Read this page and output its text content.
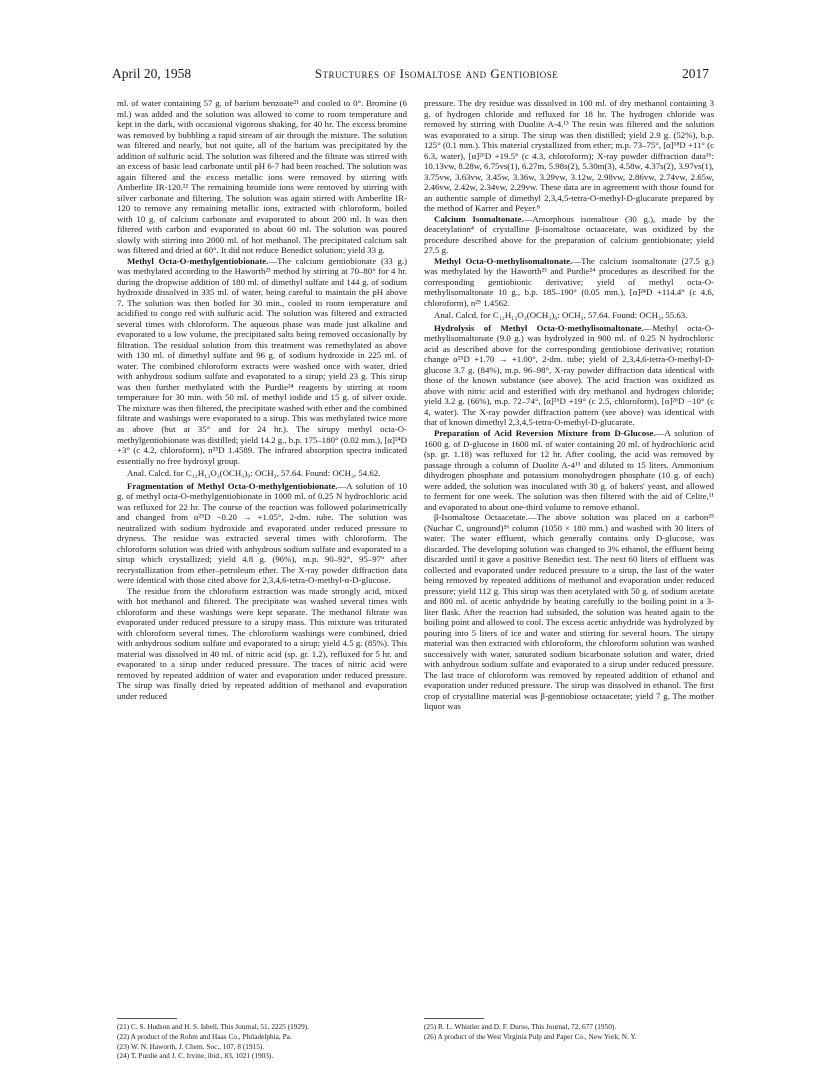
April 20, 1958	Structures of Isomaltose and Gentiobiose	2017

ml. of water containing 57 g. of barium benzoate²¹ and cooled to 0°. Bromine (6 ml.) was added and the solution was allowed to come to room temperature and kept in the dark, with occasional vigorous shaking, for 40 hr. The excess bromine was removed by bubbling a rapid stream of air through the mixture. The solution was filtered and nearly, but not quite, all of the barium was precipitated by the addition of sulfuric acid. The solution was filtered and the filtrate was stirred with an excess of basic lead carbonate until pH 6-7 had been reached. The solution was again filtered and the excess metallic ions were removed by stirring with Amberlite IR-120.²² The remaining bromide ions were removed by stirring with silver carbonate and filtering. The solution was again stirred with Amberlite IR-120 to remove any remaining metallic ions, extracted with chloroform, boiled with 10 g. of calcium carbonate and evaporated to about 200 ml. It was then filtered with carbon and evaporated to about 60 ml. The solution was poured slowly with stirring into 2000 ml. of hot methanol. The precipitated calcium salt was filtered and dried at 60°. It did not reduce Benedict solution; yield 33 g.

Methyl Octa-O-methylgentiobionate.—The calcium gentiobionate (33 g.) was methylated according to the Haworth²³ method by stirring at 70–80° for 4 hr. during the dropwise addition of 180 ml. of dimethyl sulfate and 144 g. of sodium hydroxide dissolved in 335 ml. of water, being careful to maintain the pH above 7. The solution was then boiled for 30 min., cooled to room temperature and acidified to congo red with sulfuric acid. The solution was filtered and extracted several times with chloroform. The aqueous phase was made just alkaline and evaporated to a low volume, the precipitated salts being removed occasionally by filtration. The residual solution from this treatment was remethylated as above with 130 ml. of dimethyl sulfate and 96 g. of sodium hydroxide in 225 ml. of water. The combined chloroform extracts were washed once with water, dried with anhydrous sodium sulfate and evaporated to a sirup; yield 23 g. This sirup was then further methylated with the Purdie²⁴ reagents by stirring at room temperature for 30 min. with 50 ml. of methyl iodide and 15 g. of silver oxide. The mixture was then filtered, the precipitate washed with ether and the combined filtrate and washings were evaporated to a sirup. This was methylated twice more as above (but at 35° and for 24 hr.). The sirupy methyl octa-O-methylgentiobionate was distilled; yield 14.2 g., b.p. 175–180° (0.02 mm.), [α]²⁴D +3° (c 4.2, chloroform), n²⁵D 1.4589. The infrared absorption spectra indicated essentially no free hydroxyl group.

Anal. Calcd. for C₁₂H₁₃O₃(OCH₃)₉: OCH₃, 57.64. Found: OCH₃, 54.62.

Fragmentation of Methyl Octa-O-methylgentiobionate.—A solution of 10 g. of methyl octa-O-methylgentiobionate in 1000 ml. of 0.25 N hydrochloric acid was refluxed for 22 hr. The course of the reaction was followed polarimetrically and changed from α²⁵D −0.20 → +1.05°, 2-dm. tube. The solution was neutralized with sodium hydroxide and evaporated under reduced pressure to dryness. The residue was extracted several times with chloroform. The chloroform solution was dried with anhydrous sodium sulfate and evaporated to a sirup which crystallized; yield 4.8 g. (96%), m.p. 90–92°, 95–97° after recrystallization from ether–petroleum ether. The X-ray powder diffraction data were identical with those cited above for 2,3,4,6-tetra-O-methyl-α-D-glucose.

The residue from the chloroform extraction was made strongly acid, mixed with hot methanol and filtered. The precipitate was washed several times with chloroform and these washings were kept separate. The methanol filtrate was evaporated under reduced pressure to a sirupy mass. This mixture was triturated with chloroform several times. The chloroform washings were combined, dried with anhydrous sodium sulfate and evaporated to a sirup; yield 4.5 g. (85%). This material was dissolved in 40 ml. of nitric acid (sp. gr. 1.2), refluxed for 5 hr. and evaporated to a sirup under reduced pressure. The traces of nitric acid were removed by repeated addition of water and evaporation under reduced pressure. The sirup was finally dried by repeated addition of methanol and evaporation under reduced

pressure. The dry residue was dissolved in 100 ml. of dry methanol containing 3 g. of hydrogen chloride and refluxed for 18 hr. The hydrogen chloride was removed by stirring with Duolite A-4.¹³ The resin was filtered and the solution was evaporated to a sirup. The sirup was then distilled; yield 2.9 g. (52%), b.p. 125° (0.1 mm.). This material crystallized from ether; m.p. 73–75°, [α]¹⁸D +11° (c 6.3, water), [α]²⁶D +19.5° (c 4.3, chloroform); X-ray powder diffraction data¹⁶: 10.13vw, 8.28w, 6.75vs(1), 6.27m, 5.98s(2), 5.30m(3), 4.58w, 4.37s(2), 3.97vs(1), 3.75vw, 3.63vw, 3.45w, 3.36w, 3.29vw, 3.12w, 2.98vw, 2.86vw, 2.74vw, 2.65w, 2.46vw, 2.42w, 2.34vw, 2.29vw. These data are in agreement with those found for an authentic sample of dimethyl 2,3,4,5-tetra-O-methyl-D-glucarate prepared by the method of Karrer and Peyer.⁸

Calcium Isomaltonate.—Amorphous isomaltose (30 g.), made by the deacetylation⁴ of crystalline β-isomaltose octaacetate, was oxidized by the procedure described above for the preparation of calcium gentiobionate; yield 27.5 g.

Methyl Octa-O-methylisomaltonate.—The calcium isomaltonate (27.5 g.) was methylated by the Haworth²³ and Purdie²⁴ procedures as described for the corresponding gentiobionic derivative; yield of methyl octa-O-methylisomaltonate 10 g., b.p. 185–190° (0.05 mm.), [α]²⁴D +114.4° (c 4.6, chloroform), n²⁵ 1.4562.

Anal. Calcd. for C₁₂H₁₃O₃(OCH₃)₉: OCH₃, 57.64. Found: OCH₃, 55.63.

Hydrolysis of Methyl Octa-O-methylisomaltonate.—Methyl octa-O-methylisomaltonate (9.0 g.) was hydrolyzed in 900 ml. of 0.25 N hydrochloric acid as described above for the corresponding gentiobiose derivative; rotation change α²⁵D +1.70 → +1.00°, 2-dm. tube; yield of 2,3,4,6-tetra-O-methyl-D-glucose 3.7 g. (84%), m.p. 96–98°, X-ray powder diffraction data identical with those of the known substance (see above). The acid fraction was oxidized as above with nitric acid and esterified with dry methanol and hydrogen chloride; yield 3.2 g. (66%), m.p. 72–74°, [α]²⁶D +19° (c 2.5, chloroform), [α]²⁶D −10° (c 4, water). The X-ray powder diffraction pattern (see above) was identical with that of known dimethyl 2,3,4,5-tetra-O-methyl-D-glucarate.

Preparation of Acid Reversion Mixture from D-Glucose.—A solution of 1600 g. of D-glucose in 1600 ml. of water containing 20 ml. of hydrochloric acid (sp. gr. 1.18) was refluxed for 12 hr. After cooling, the acid was removed by passage through a column of Duolite A-4¹³ and diluted to 15 liters. Ammonium dihydrogen phosphate and potassium monohydrogen phosphate (10 g. of each) were added, the solution was inoculated with 30 g. of bakers' yeast, and allowed to ferment for one week. The solution was then filtered with the aid of Celite,¹¹ and evaporated to about one-third volume to remove ethanol.

β-Isomaltose Octaacetate.—The above solution was placed on a carbon²⁵ (Nuchar C, unground)²⁶ column (1050 × 180 mm.) and washed with 30 liters of water. The water effluent, which generally contains only D-glucose, was discarded. The developing solution was changed to 3% ethanol, the effluent being discarded until it gave a positive Benedict test. The next 60 liters of effluent was collected and evaporated under reduced pressure to a sirup, the last of the water being removed by repeated additions of methanol and evaporation under reduced pressure; yield 112 g. This sirup was then acetylated with 50 g. of sodium acetate and 800 ml. of acetic anhydride by heating carefully to the boiling point in a 3-liter flask. After the reaction had subsided, the solution was heated again to the boiling point and allowed to cool. The excess acetic anhydride was hydrolyzed by pouring into 5 liters of ice and water and stirring for several hours. The sirupy material was then extracted with chloroform, the chloroform solution was washed successively with water, saturated sodium bicarbonate solution and water, dried with anhydrous sodium sulfate and evaporated to a sirup under reduced pressure. The last trace of chloroform was removed by repeated addition of ethanol and evaporation under reduced pressure. The sirup was dissolved in ethanol. The first crop of crystalline material was β-gentiobiose octaacetate; yield 7 g. The mother liquor was

(21) C. S. Hudson and H. S. Isbell, This Journal, 51, 2225 (1929).
(22) A product of the Rohm and Haas Co., Philadelphia, Pa.
(23) W. N. Haworth, J. Chem. Soc., 107, 8 (1915).
(24) T. Purdie and J. C. Irvine, ibid., 83, 1021 (1903).
(25) R. L. Whistler and D. F. Durso, This Journal, 72, 677 (1950).
(26) A product of the West Virginia Pulp and Paper Co., New York, N. Y.
